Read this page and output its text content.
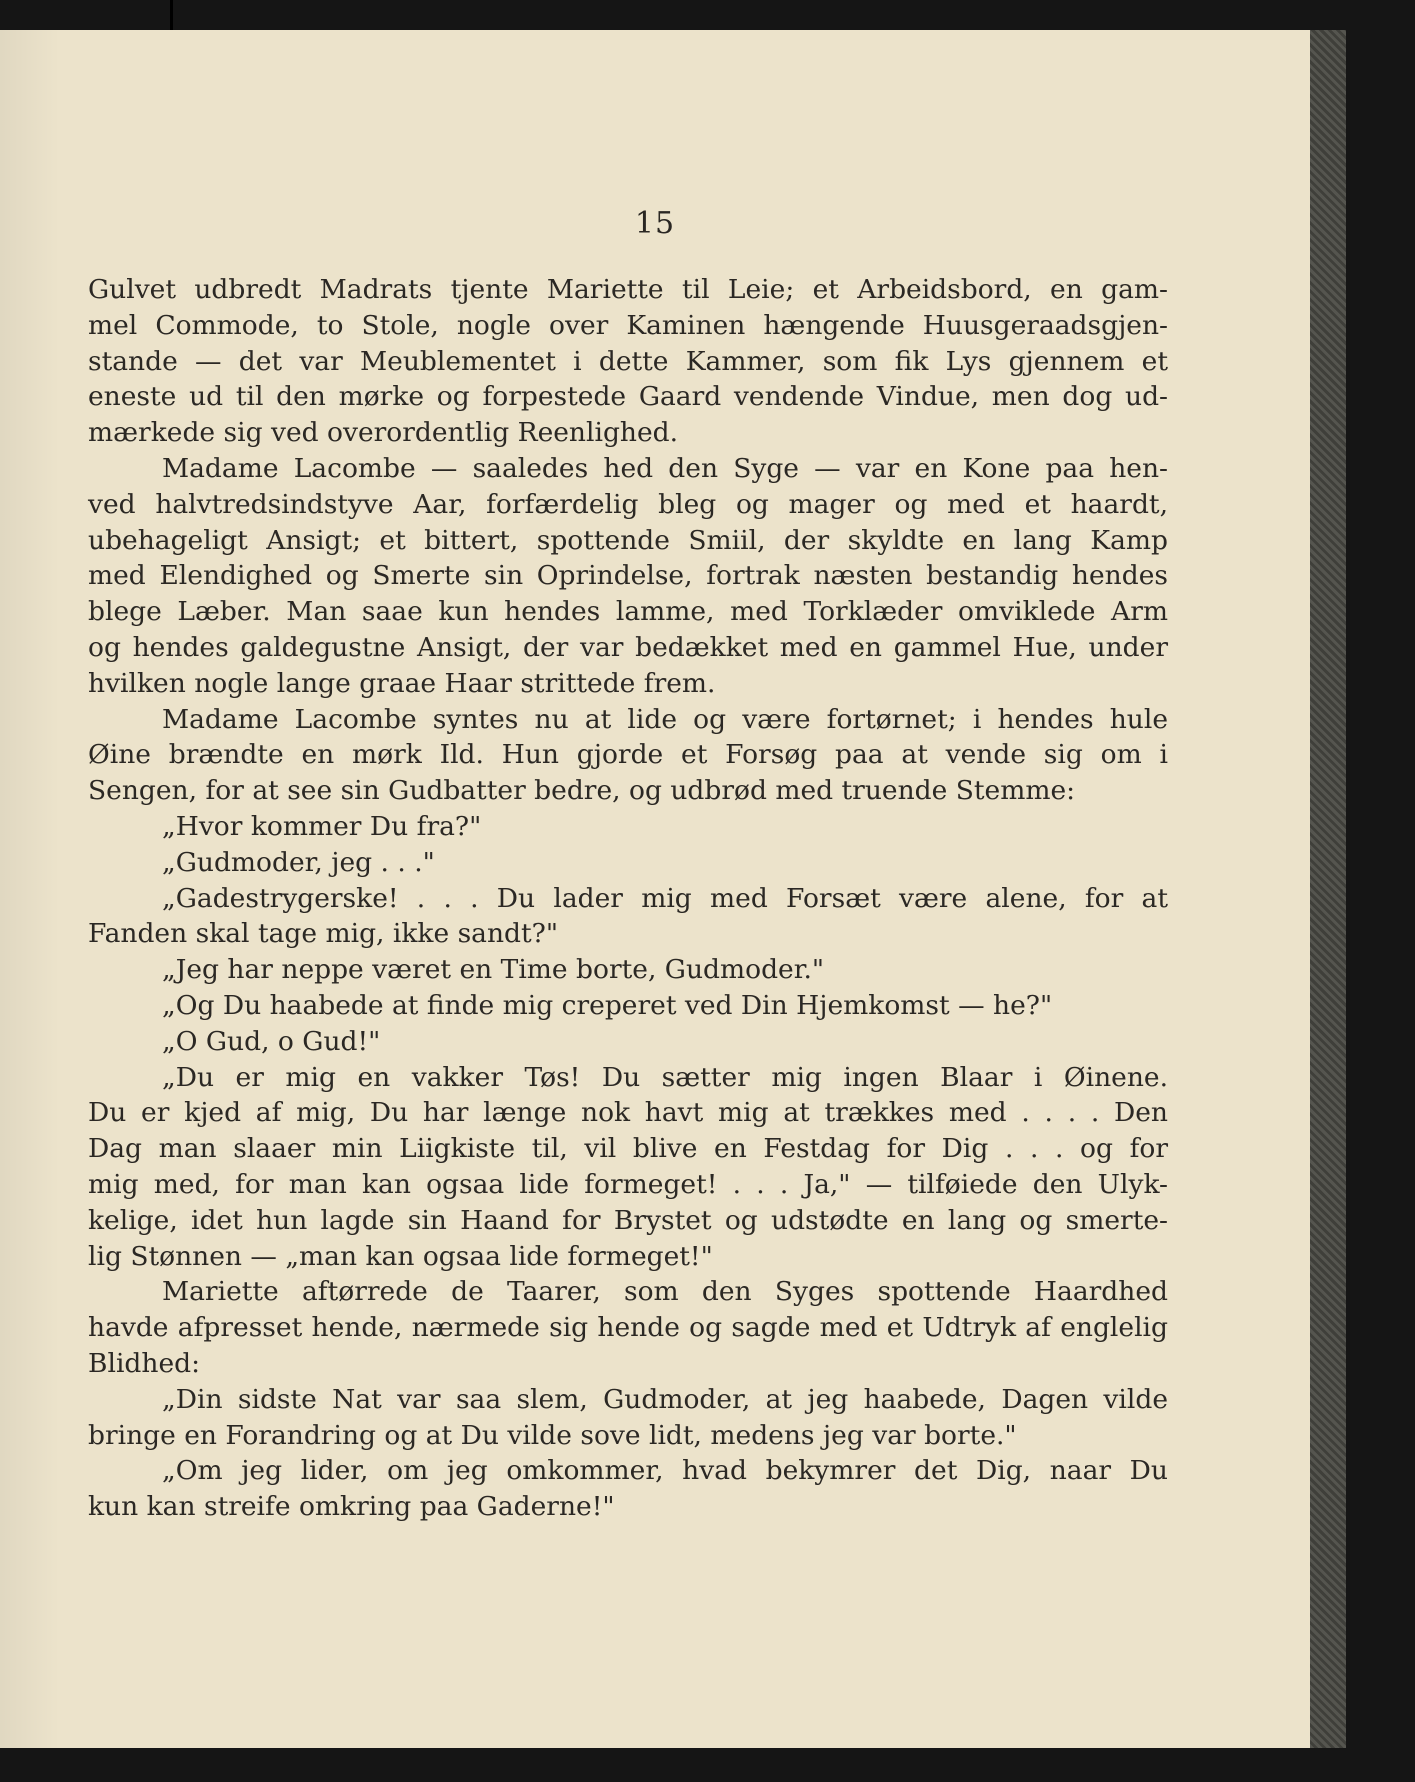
15
Gulvet udbredt Madrats tjente Mariette til Leie; et Arbeidsbord, en gam-
mel Commode, to Stole, nogle over Kaminen hængende Huusgeraadsgjen-
stande — det var Meublementet i dette Kammer, som fik Lys gjennem et
eneste ud til den mørke og forpestede Gaard vendende Vindue, men dog ud-
mærkede sig ved overordentlig Reenlighed.
Madame Lacombe — saaledes hed den Syge — var en Kone paa hen-
ved halvtredsindstyve Aar, forfærdelig bleg og mager og med et haardt,
ubehageligt Ansigt; et bittert, spottende Smiil, der skyldte en lang Kamp
med Elendighed og Smerte sin Oprindelse, fortrak næsten bestandig hendes
blege Læber. Man saae kun hendes lamme, med Torklæder omviklede Arm
og hendes galdegustne Ansigt, der var bedækket med en gammel Hue, under
hvilken nogle lange graae Haar strittede frem.
Madame Lacombe syntes nu at lide og være fortørnet; i hendes hule
Øine brændte en mørk Ild. Hun gjorde et Forsøg paa at vende sig om i
Sengen, for at see sin Gudbatter bedre, og udbrød med truende Stemme:
„Hvor kommer Du fra?"
„Gudmoder, jeg . . ."
„Gadestrygerske! . . . Du lader mig med Forsæt være alene, for at
Fanden skal tage mig, ikke sandt?"
„Jeg har neppe været en Time borte, Gudmoder."
„Og Du haabede at finde mig creperet ved Din Hjemkomst — he?"
„O Gud, o Gud!"
„Du er mig en vakker Tøs! Du sætter mig ingen Blaar i Øinene.
Du er kjed af mig, Du har længe nok havt mig at trækkes med . . . . Den
Dag man slaaer min Liigkiste til, vil blive en Festdag for Dig . . . og for
mig med, for man kan ogsaa lide formeget! . . . Ja," — tilføiede den Ulyk-
kelige, idet hun lagde sin Haand for Brystet og udstødte en lang og smerte-
lig Stønnen — „man kan ogsaa lide formeget!"
Mariette aftørrede de Taarer, som den Syges spottende Haardhed
havde afpresset hende, nærmede sig hende og sagde med et Udtryk af englelig
Blidhed:
„Din sidste Nat var saa slem, Gudmoder, at jeg haabede, Dagen vilde
bringe en Forandring og at Du vilde sove lidt, medens jeg var borte."
„Om jeg lider, om jeg omkommer, hvad bekymrer det Dig, naar Du
kun kan streife omkring paa Gaderne!"
